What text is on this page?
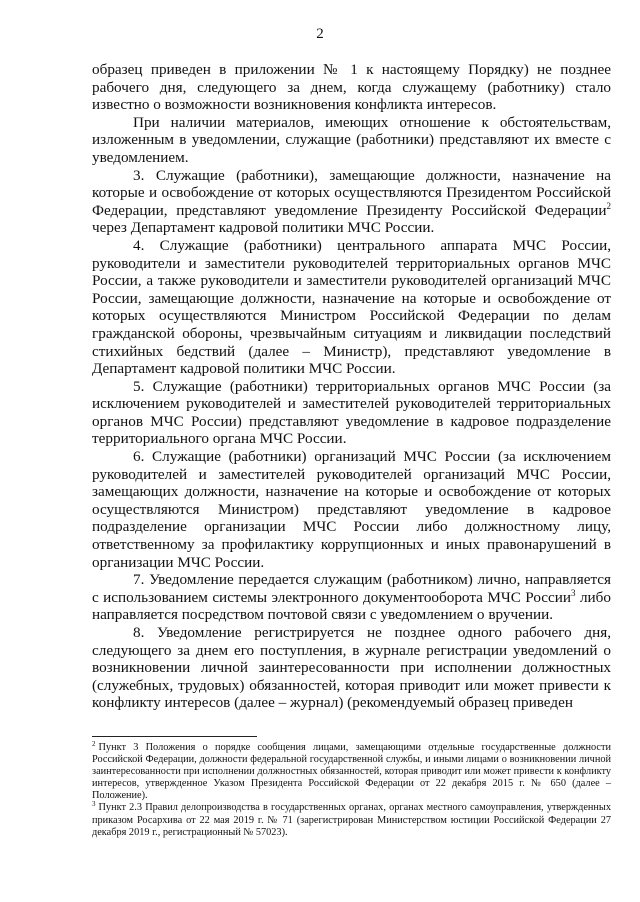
2

образец приведен в приложении № 1 к настоящему Порядку) не позднее рабочего дня, следующего за днем, когда служащему (работнику) стало известно о возможности возникновения конфликта интересов.

При наличии материалов, имеющих отношение к обстоятельствам, изложенным в уведомлении, служащие (работники) представляют их вместе с уведомлением.

3. Служащие (работники), замещающие должности, назначение на которые и освобождение от которых осуществляются Президентом Российской Федерации, представляют уведомление Президенту Российской Федерации$^2$ через Департамент кадровой политики МЧС России.

4. Служащие (работники) центрального аппарата МЧС России, руководители и заместители руководителей территориальных органов МЧС России, а также руководители и заместители руководителей организаций МЧС России, замещающие должности, назначение на которые и освобождение от которых осуществляются Министром Российской Федерации по делам гражданской обороны, чрезвычайным ситуациям и ликвидации последствий стихийных бедствий (далее – Министр), представляют уведомление в Департамент кадровой политики МЧС России.

5. Служащие (работники) территориальных органов МЧС России (за исключением руководителей и заместителей руководителей территориальных органов МЧС России) представляют уведомление в кадровое подразделение территориального органа МЧС России.

6. Служащие (работники) организаций МЧС России (за исключением руководителей и заместителей руководителей организаций МЧС России, замещающих должности, назначение на которые и освобождение от которых осуществляются Министром) представляют уведомление в кадровое подразделение организации МЧС России либо должностному лицу, ответственному за профилактику коррупционных и иных правонарушений в организации МЧС России.

7. Уведомление передается служащим (работником) лично, направляется с использованием системы электронного документооборота МЧС России$^3$ либо направляется посредством почтовой связи с уведомлением о вручении.

8. Уведомление регистрируется не позднее одного рабочего дня, следующего за днем его поступления, в журнале регистрации уведомлений о возникновении личной заинтересованности при исполнении должностных (служебных, трудовых) обязанностей, которая приводит или может привести к конфликту интересов (далее – журнал) (рекомендуемый образец приведен

$^2$ Пункт 3 Положения о порядке сообщения лицами, замещающими отдельные государственные должности Российской Федерации, должности федеральной государственной службы, и иными лицами о возникновении личной заинтересованности при исполнении должностных обязанностей, которая приводит или может привести к конфликту интересов, утвержденное Указом Президента Российской Федерации от 22 декабря 2015 г. № 650 (далее – Положение).

$^3$ Пункт 2.3 Правил делопроизводства в государственных органах, органах местного самоуправления, утвержденных приказом Росархива от 22 мая 2019 г. № 71 (зарегистрирован Министерством юстиции Российской Федерации 27 декабря 2019 г., регистрационный № 57023).
